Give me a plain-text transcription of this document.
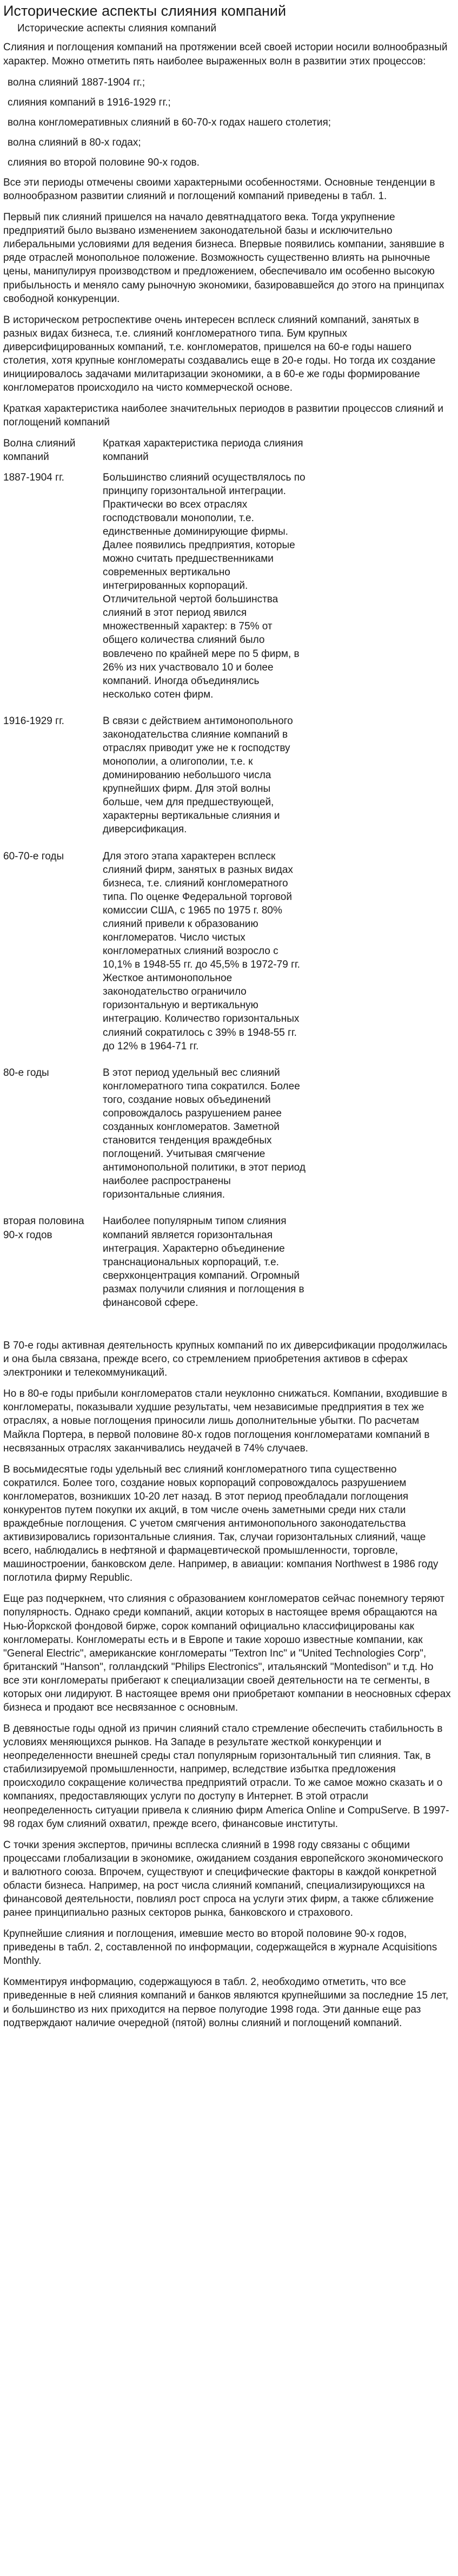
Исторические аспекты слияния компаний

Исторические аспекты слияния компаний

Слияния и поглощения компаний на протяжении всей своей истории носили волнообразный характер. Можно отметить пять наиболее выраженных волн в развитии этих процессов:

волна слияний 1887-1904 гг.;

слияния компаний в 1916-1929 гг.;

волна конгломеративных слияний в 60-70-х годах нашего столетия;

волна слияний в 80-х годах;

слияния во второй половине 90-х годов.

Все эти периоды отмечены своими характерными особенностями. Основные тенденции в волнообразном развитии слияний и поглощений компаний приведены в табл. 1.

Первый пик слияний пришелся на начало девятнадцатого века. Тогда укрупнение предприятий было вызвано изменением законодательной базы и исключительно либеральными условиями для ведения бизнеса. Впервые появились компании, занявшие в ряде отраслей монопольное положение. Возможность существенно влиять на рыночные цены, манипулируя производством и предложением, обеспечивало им особенно высокую прибыльность и меняло саму рыночную экономики, базировавшейся до этого на принципах свободной конкуренции.

В историческом ретроспективе очень интересен всплеск слияний компаний, занятых в разных видах бизнеса, т.е. слияний конгломератного типа. Бум крупных диверсифицированных компаний, т.е. конгломератов, пришелся на 60-е годы нашего столетия, хотя крупные конгломераты создавались еще в 20-е годы. Но тогда их создание инициировалось задачами милитаризации экономики, а в 60-е же годы формирование конгломератов происходило на чисто коммерческой основе.

Краткая характеристика наиболее значительных периодов в развитии процессов слияний и поглощений компаний

Волна слияний компаний	Краткая характеристика периода слияния компаний
1887-1904 гг.	Большинство слияний осуществлялось по принципу горизонтальной интеграции. Практически во всех отраслях господствовали монополии, т.е. единственные доминирующие фирмы.
Далее появились предприятия, которые можно считать предшественниками современных вертикально интегрированных корпораций.
Отличительной чертой большинства слияний в этот период явился множественный характер: в 75% от общего количества слияний было вовлечено по крайней мере по 5 фирм, в 26% из них участвовало 10 и более компаний. Иногда объединялись несколько сотен фирм.

1916-1929 гг.	В связи с действием антимонопольного законодательства слияние компаний в отраслях приводит уже не к господству монополии, а олигополии, т.е. к доминированию небольшого числа крупнейших фирм. Для этой волны больше, чем для предшествующей, характерны вертикальные слияния и диверсификация.

60-70-е годы	Для этого этапа характерен всплеск слияний фирм, занятых в разных видах бизнеса, т.е. слияний конгломератного типа. По оценке Федеральной торговой комиссии США, с 1965 по 1975 г. 80% слияний привели к образованию конгломератов. Число чистых конгломератных слияний возросло с 10,1% в 1948-55 гг. до 45,5% в 1972-79 гг.
Жесткое антимонопольное законодательство ограничило горизонтальную и вертикальную интеграцию. Количество горизонтальных слияний сократилось с 39% в 1948-55 гг. до 12% в 1964-71 гг.

80-е годы	В этот период удельный вес слияний конгломератного типа сократился. Более того, создание новых объединений сопровождалось разрушением ранее созданных конгломератов. Заметной становится тенденция враждебных поглощений. Учитывая смягчение антимонопольной политики, в этот период наиболее распространены горизонтальные слияния.

вторая половина 90-х годов	Наиболее популярным типом слияния компаний является горизонтальная интеграция. Характерно объединение транснациональных корпораций, т.е. сверхконцентрация компаний. Огромный размах получили слияния и поглощения в финансовой сфере.

В 70-е годы активная деятельность крупных компаний по их диверсификации продолжилась и она была связана, прежде всего, со стремлением приобретения активов в сферах электроники и телекоммуникаций.

Но в 80-е годы прибыли конгломератов стали неуклонно снижаться. Компании, входившие в конгломераты, показывали худшие результаты, чем независимые предприятия в тех же отраслях, а новые поглощения приносили лишь дополнительные убытки. По расчетам Майкла Портера, в первой половине 80-х годов поглощения конгломератами компаний в несвязанных отраслях заканчивались неудачей в 74% случаев.

В восьмидесятые годы удельный вес слияний конгломератного типа существенно сократился. Более того, создание новых корпораций сопровождалось разрушением конгломератов, возникших 10-20 лет назад. В этот период преобладали поглощения конкурентов путем покупки их акций, в том числе очень заметными среди них стали враждебные поглощения. С учетом смягчения антимонопольного законодательства активизировались горизонтальные слияния. Так, случаи горизонтальных слияний, чаще всего, наблюдались в нефтяной и фармацевтической промышленности, торговле, машиностроении, банковском деле. Например, в авиации: компания Northwest в 1986 году поглотила фирму Republic.

Еще раз подчеркнем, что слияния с образованием конгломератов сейчас понемногу теряют популярность. Однако среди компаний, акции которых в настоящее время обращаются на Нью-Йоркской фондовой бирже, сорок компаний официально классифицированы как конгломераты. Конгломераты есть и в Европе и такие хорошо известные компании, как "General Electric", американские конгломераты "Textron Inc" и "United Technologies Corp", британский "Hanson", голландский "Philips Electronics", итальянский "Montedison" и т.д. Но все эти конгломераты прибегают к специализации своей деятельности на те сегменты, в которых они лидируют. В настоящее время они приобретают компании в неосновных сферах бизнеса и продают все несвязанное с основным.

В девяностые годы одной из причин слияний стало стремление обеспечить стабильность в условиях меняющихся рынков. На Западе в результате жесткой конкуренции и неопределенности внешней среды стал популярным горизонтальный тип слияния. Так, в стабилизируемой промышленности, например, вследствие избытка предложения происходило сокращение количества предприятий отрасли. То же самое можно сказать и о компаниях, предоставляющих услуги по доступу в Интернет. В этой отрасли неопределенность ситуации привела к слиянию фирм America Online и CompuServe. В 1997-98 годах бум слияний охватил, прежде всего, финансовые институты.

С точки зрения экспертов, причины всплеска слияний в 1998 году связаны с общими процессами глобализации в экономике, ожиданием создания европейского экономического и валютного союза. Впрочем, существуют и специфические факторы в каждой конкретной области бизнеса. Например, на рост числа слияний компаний, специализирующихся на финансовой деятельности, повлиял рост спроса на услуги этих фирм, а также сближение ранее принципиально разных секторов рынка, банковского и страхового.

Крупнейшие слияния и поглощения, имевшие место во второй половине 90-х годов, приведены в табл. 2, составленной по информации, содержащейся в журнале Acquisitions Monthly.

Комментируя информацию, содержащуюся в табл. 2, необходимо отметить, что все приведенные в ней слияния компаний и банков являются крупнейшими за последние 15 лет, и большинство из них приходится на первое полугодие 1998 года. Эти данные еще раз подтверждают наличие очередной (пятой) волны слияний и поглощений компаний.
